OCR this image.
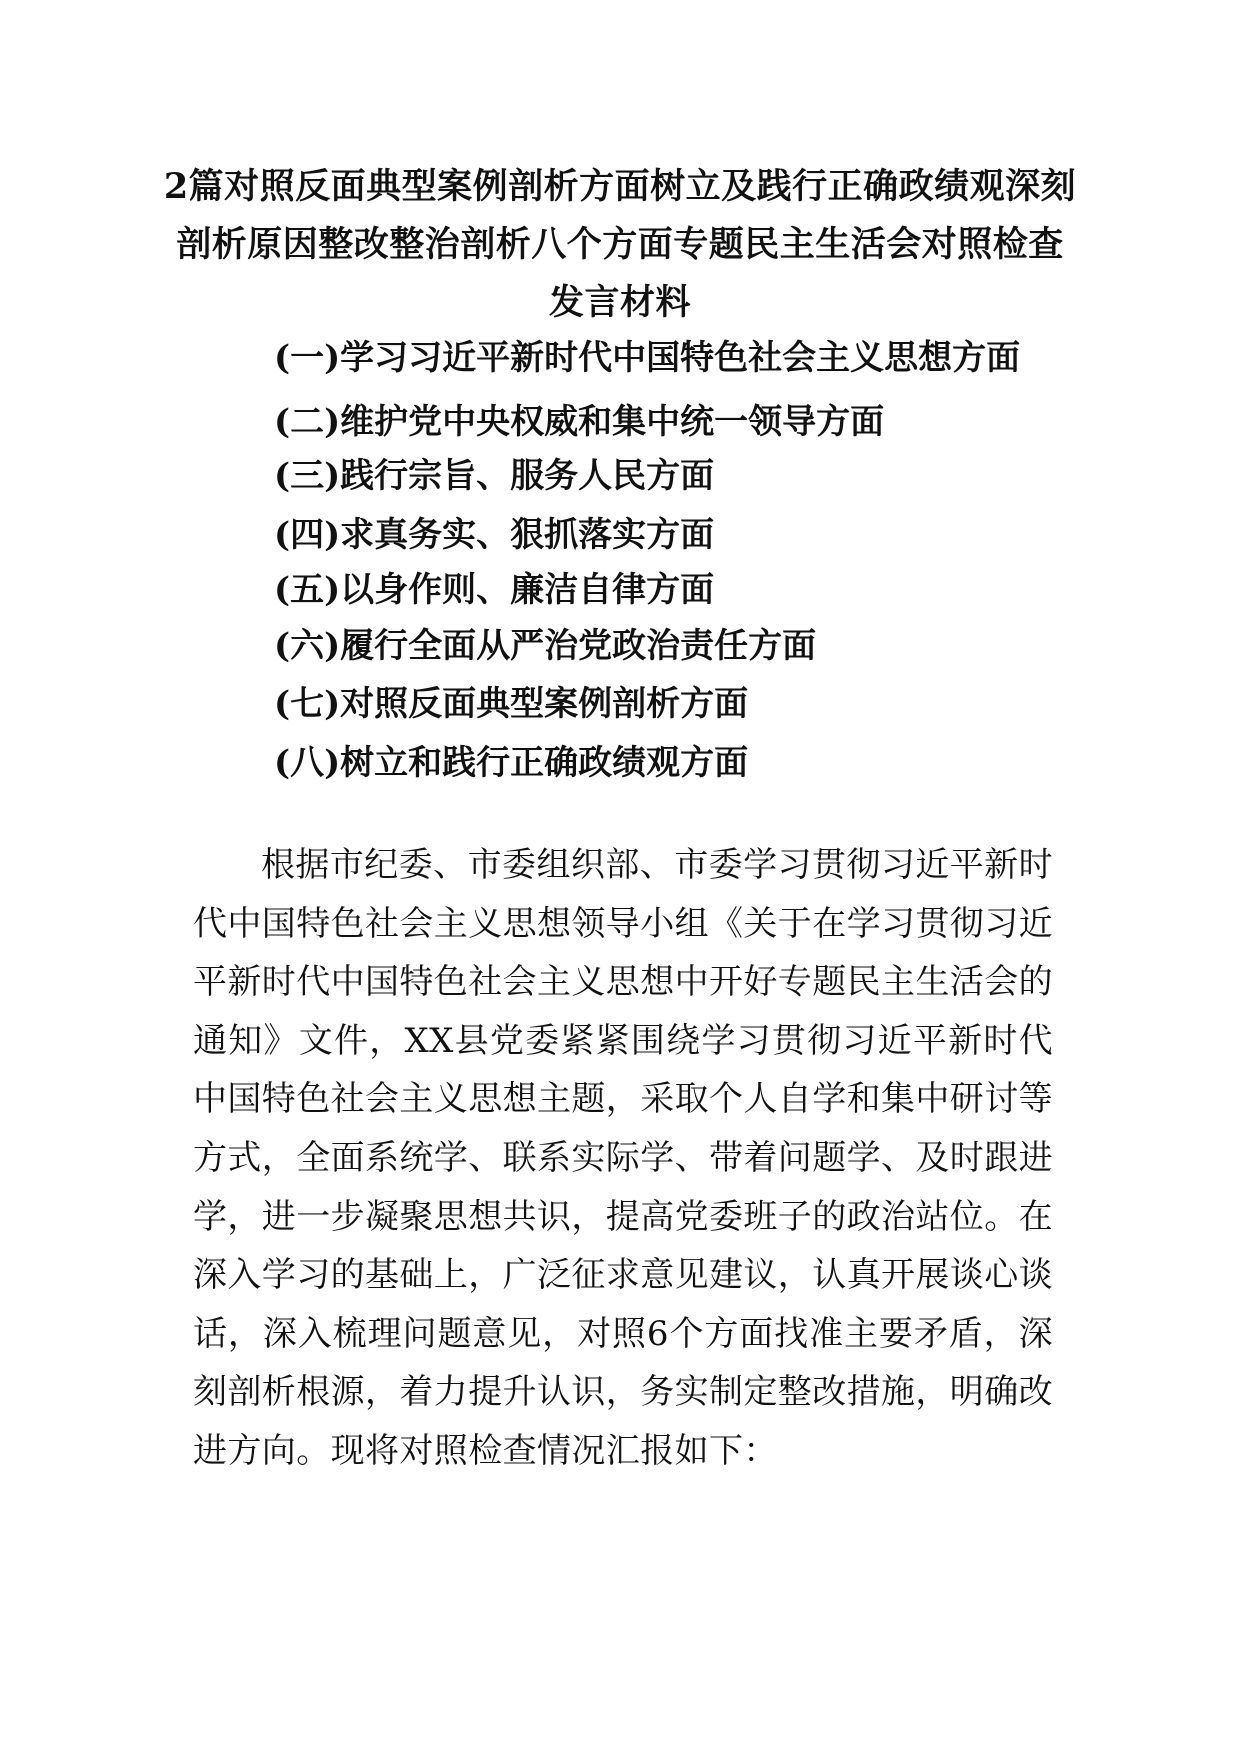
2篇对照反面典型案例剖析方面树立及践行正确政绩观深刻
剖析原因整改整治剖析八个方面专题民主生活会对照检查
发言材料
(一)学习习近平新时代中国特色社会主义思想方面
(二)维护党中央权威和集中统一领导方面
(三)践行宗旨、服务人民方面
(四)求真务实、狠抓落实方面
(五)以身作则、廉洁自律方面
(六)履行全面从严治党政治责任方面
(七)对照反面典型案例剖析方面
(八)树立和践行正确政绩观方面

根据市纪委、市委组织部、市委学习贯彻习近平新时代中国特色社会主义思想领导小组《关于在学习贯彻习近平新时代中国特色社会主义思想中开好专题民主生活会的通知》文件，XX县党委紧紧围绕学习贯彻习近平新时代中国特色社会主义思想主题，采取个人自学和集中研讨等方式，全面系统学、联系实际学、带着问题学、及时跟进学，进一步凝聚思想共识，提高党委班子的政治站位。在深入学习的基础上，广泛征求意见建议，认真开展谈心谈话，深入梳理问题意见，对照6个方面找准主要矛盾，深刻剖析根源，着力提升认识，务实制定整改措施，明确改进方向。现将对照检查情况汇报如下：
